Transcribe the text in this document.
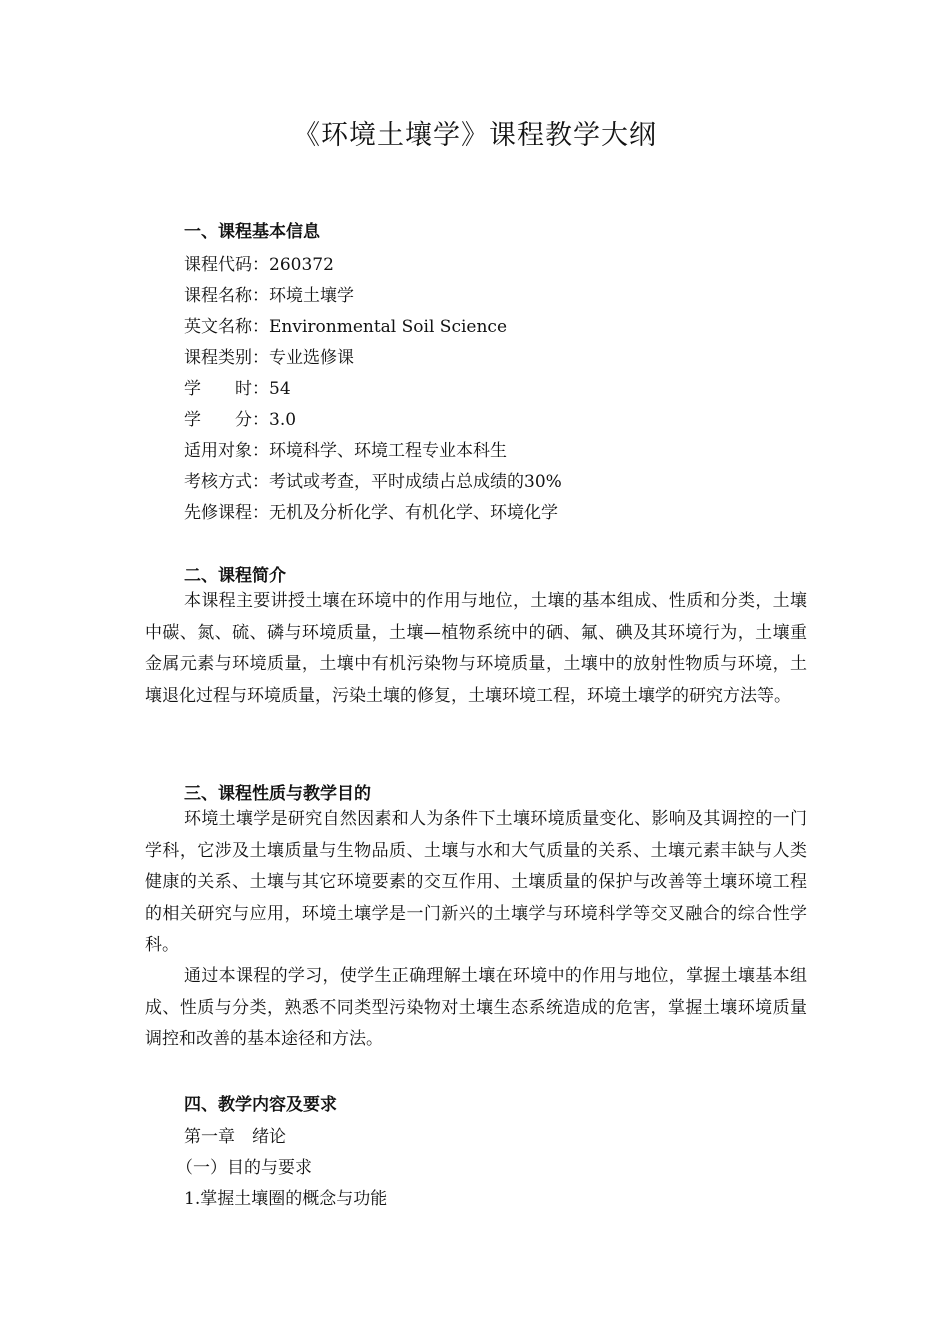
《环境土壤学》课程教学大纲
一、课程基本信息
课程代码：260372
课程名称：环境土壤学
英文名称：Environmental Soil Science
课程类别：专业选修课
学　　时：54
学　　分：3.0
适用对象：环境科学、环境工程专业本科生
考核方式：考试或考查，平时成绩占总成绩的30%
先修课程：无机及分析化学、有机化学、环境化学
二、课程简介

本课程主要讲授土壤在环境中的作用与地位，土壤的基本组成、性质和分类，土壤中碳、氮、硫、磷与环境质量，土壤—植物系统中的硒、氟、碘及其环境行为，土壤重金属元素与环境质量，土壤中有机污染物与环境质量，土壤中的放射性物质与环境，土壤退化过程与环境质量，污染土壤的修复，土壤环境工程，环境土壤学的研究方法等。

三、课程性质与教学目的

环境土壤学是研究自然因素和人为条件下土壤环境质量变化、影响及其调控的一门学科，它涉及土壤质量与生物品质、土壤与水和大气质量的关系、土壤元素丰缺与人类健康的关系、土壤与其它环境要素的交互作用、土壤质量的保护与改善等土壤环境工程的相关研究与应用，环境土壤学是一门新兴的土壤学与环境科学等交叉融合的综合性学科。

通过本课程的学习，使学生正确理解土壤在环境中的作用与地位，掌握土壤基本组成、性质与分类，熟悉不同类型污染物对土壤生态系统造成的危害，掌握土壤环境质量调控和改善的基本途径和方法。

四、教学内容及要求
第一章　绪论
（一）目的与要求
1.掌握土壤圈的概念与功能
